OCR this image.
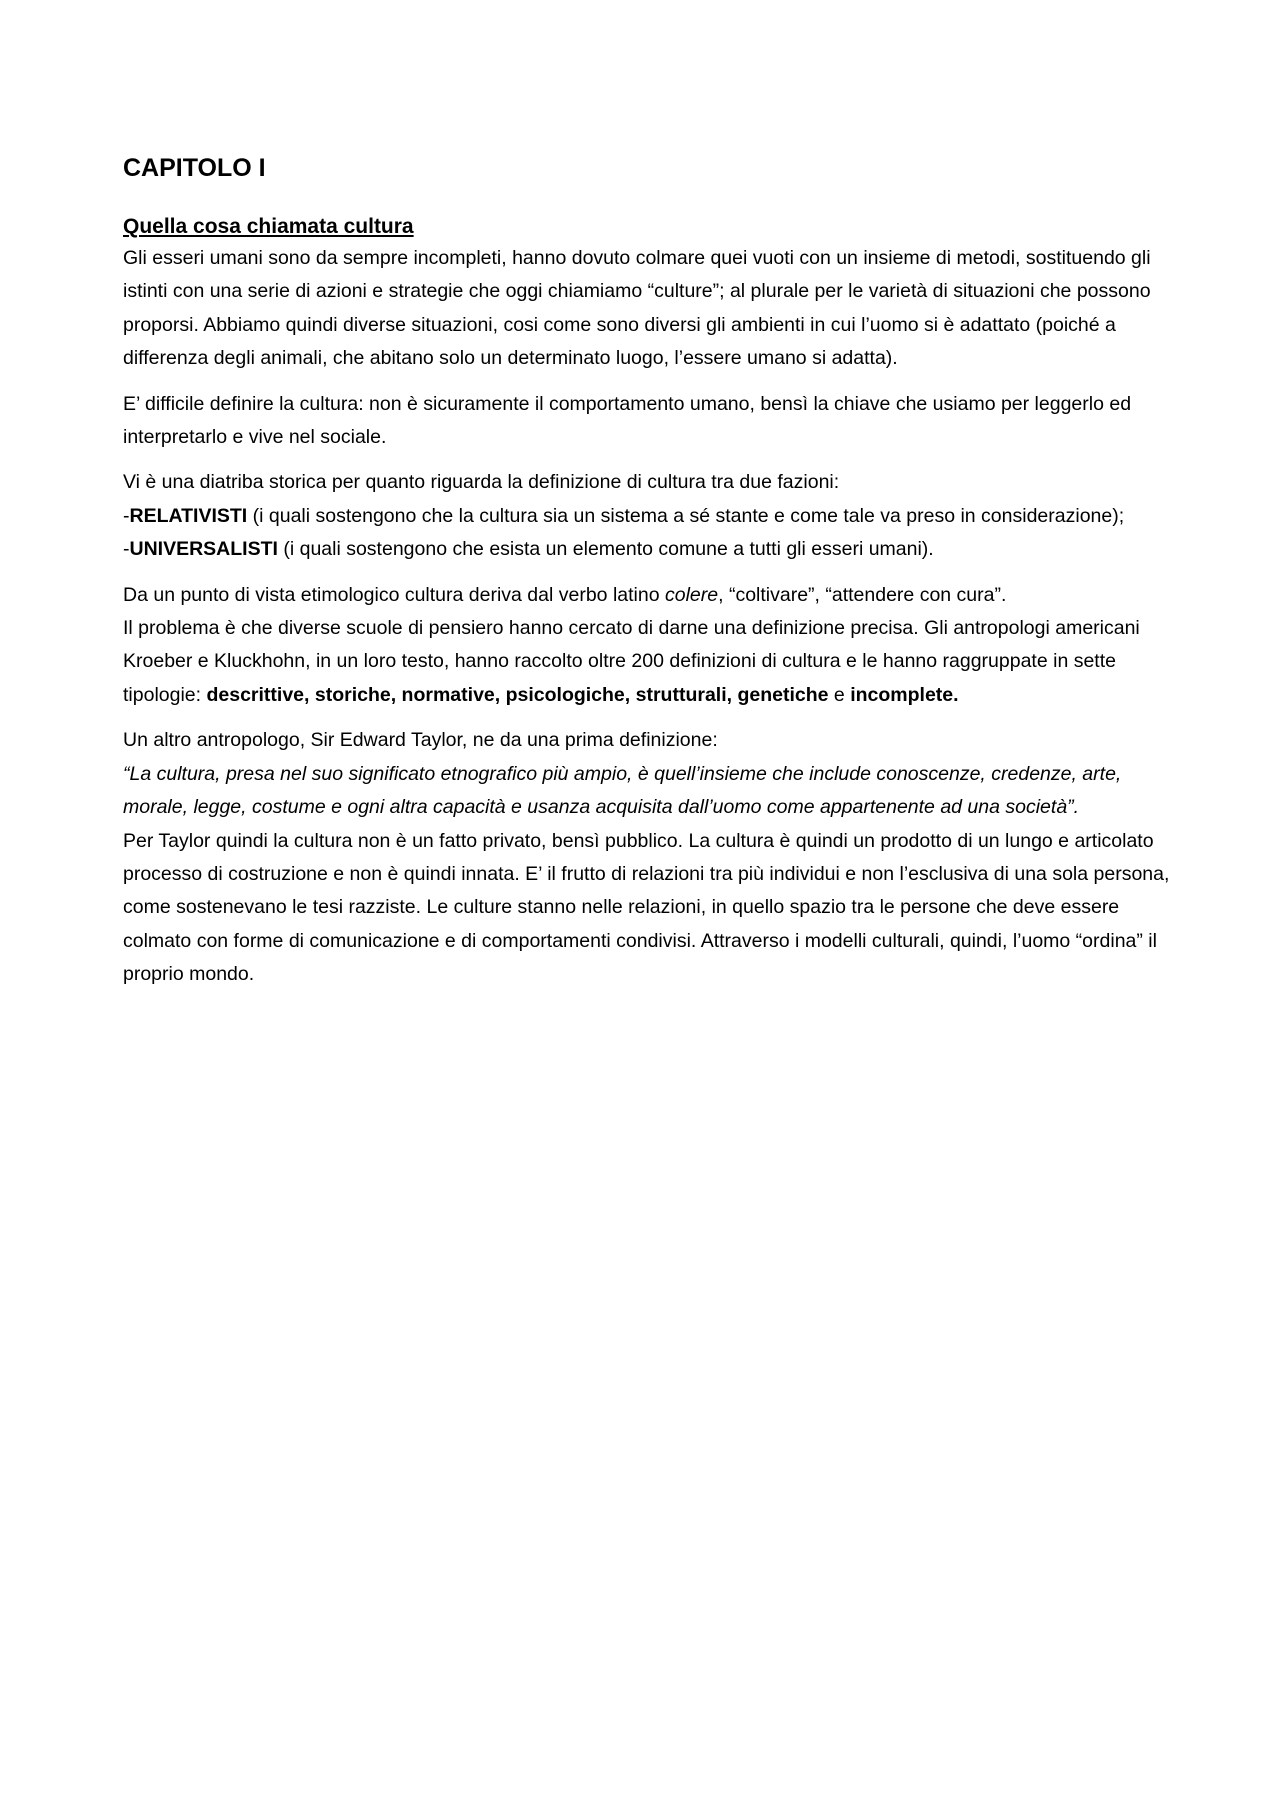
CAPITOLO I
Quella cosa chiamata cultura

Gli esseri umani sono da sempre incompleti, hanno dovuto colmare quei vuoti con un insieme di metodi, sostituendo gli istinti con una serie di azioni e strategie che oggi chiamiamo “culture”; al plurale per le varietà di situazioni che possono proporsi. Abbiamo quindi diverse situazioni, cosi come sono diversi gli ambienti in cui l’uomo si è adattato (poiché a differenza degli animali, che abitano solo un determinato luogo, l’essere umano si adatta).

E’ difficile definire la cultura: non è sicuramente il comportamento umano, bensì la chiave che usiamo per leggerlo ed interpretarlo e vive nel sociale.

Vi è una diatriba storica per quanto riguarda la definizione di cultura tra due fazioni:
-RELATIVISTI (i quali sostengono che la cultura sia un sistema a sé stante e come tale va preso in considerazione);
-UNIVERSALISTI (i quali sostengono che esista un elemento comune a tutti gli esseri umani).

Da un punto di vista etimologico cultura deriva dal verbo latino colere, “coltivare”, “attendere con cura”.
Il problema è che diverse scuole di pensiero hanno cercato di darne una definizione precisa. Gli antropologi americani Kroeber e Kluckhohn, in un loro testo, hanno raccolto oltre 200 definizioni di cultura e le hanno raggruppate in sette tipologie: descrittive, storiche, normative, psicologiche, strutturali, genetiche e incomplete.

Un altro antropologo, Sir Edward Taylor, ne da una prima definizione:
“La cultura, presa nel suo significato etnografico più ampio, è quell’insieme che include conoscenze, credenze, arte, morale, legge, costume e ogni altra capacità e usanza acquisita dall’uomo come appartenente ad una società”.
Per Taylor quindi la cultura non è un fatto privato, bensì pubblico. La cultura è quindi un prodotto di un lungo e articolato processo di costruzione e non è quindi innata. E’ il frutto di relazioni tra più individui e non l’esclusiva di una sola persona, come sostenevano le tesi razziste. Le culture stanno nelle relazioni, in quello spazio tra le persone che deve essere colmato con forme di comunicazione e di comportamenti condivisi. Attraverso i modelli culturali, quindi, l’uomo “ordina” il proprio mondo.
